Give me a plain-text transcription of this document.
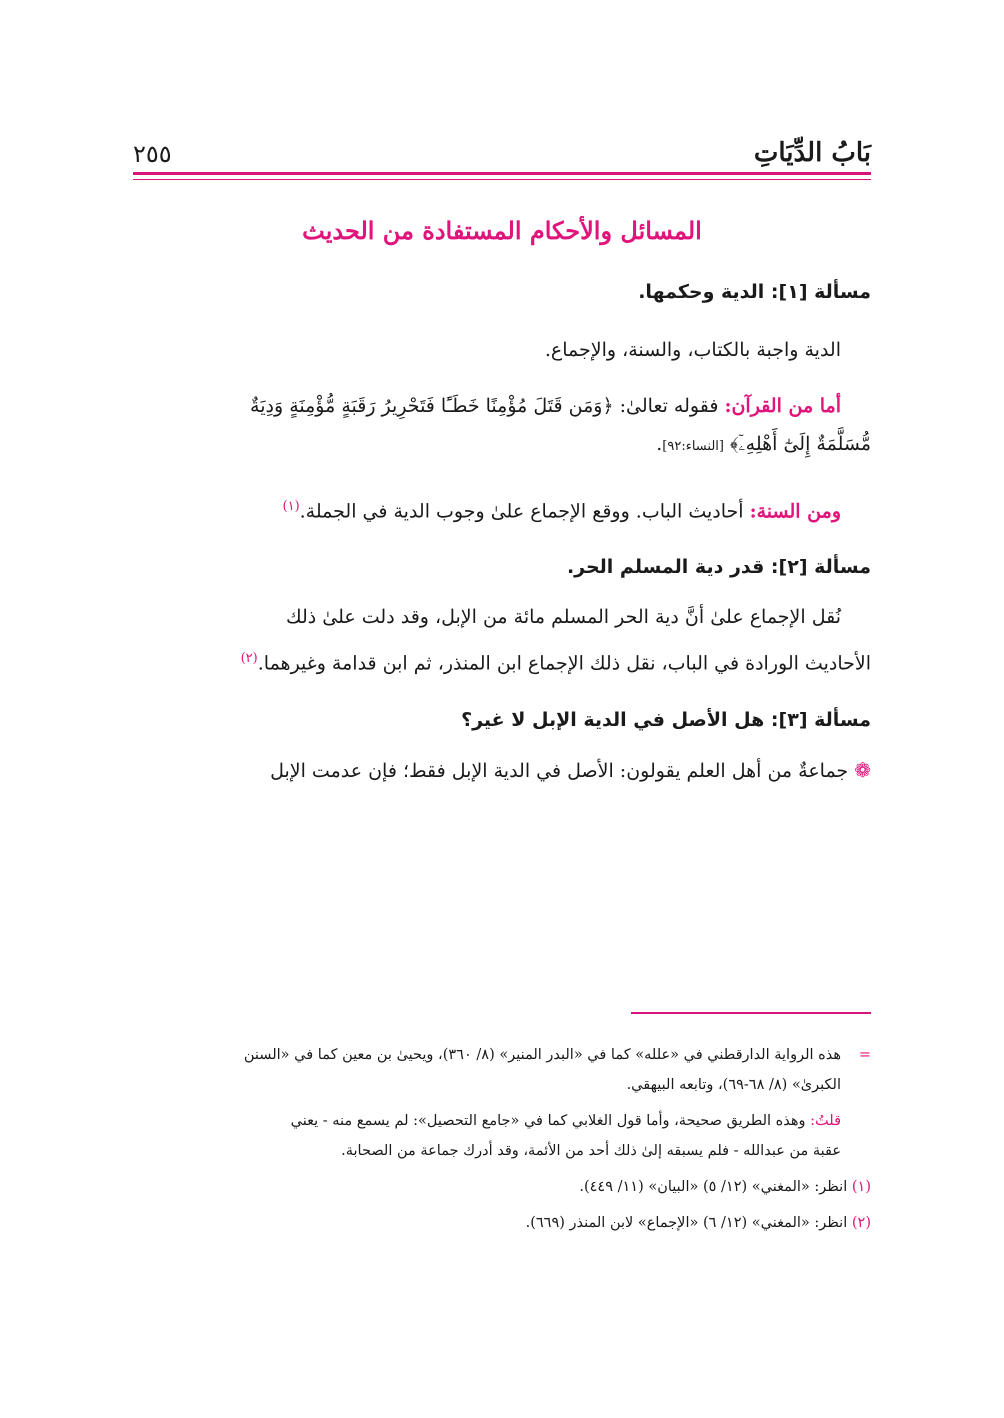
بَابُ الدِّيَاتِ
٢٥٥
المسائل والأحكام المستفادة من الحديث

مسألة [١]: الدية وحكمها.

الدية واجبة بالكتاب، والسنة، والإجماع.

أما من القرآن: فقوله تعالىٰ: ﴿وَمَن قَتَلَ مُؤْمِنًا خَطَـًٔا فَتَحْرِيرُ رَقَبَةٍ مُّؤْمِنَةٍ وَدِيَةٌ

مُّسَلَّمَةٌ إِلَىٰٓ أَهْلِهِۦٓ﴾ [النساء:٩٢].

ومن السنة: أحاديث الباب. ووقع الإجماع علىٰ وجوب الدية في الجملة.$^{(١)}$

مسألة [٢]: قدر دية المسلم الحر.

نُقل الإجماع علىٰ أنَّ دية الحر المسلم مائة من الإبل، وقد دلت علىٰ ذلك

الأحاديث الورادة في الباب، نقل ذلك الإجماع ابن المنذر، ثم ابن قدامة وغيرهما.$^{(٢)}$

مسألة [٣]: هل الأصل في الدية الإبل لا غير؟

❁ جماعةٌ من أهل العلم يقولون: الأصل في الدية الإبل فقط؛ فإن عدمت الإبل

=
هذه الرواية الدارقطني في «علله» كما في «البدر المنير» (٨/ ٣٦٠)، ويحيىٰ بن معين كما في «السنن

الكبرىٰ» (٨/ ٦٨-٦٩)، وتابعه البيهقي.

قلتُ: وهذه الطريق صحيحة، وأما قول الغلابي كما في «جامع التحصيل»: لم يسمع منه - يعني

عقبة من عبدالله - فلم يسبقه إلىٰ ذلك أحد من الأئمة، وقد أدرك جماعة من الصحابة.

(١) انظر: «المغني» (١٢/ ٥) «البيان» (١١/ ٤٤٩).

(٢) انظر: «المغني» (١٢/ ٦) «الإجماع» لابن المنذر (٦٦٩).
